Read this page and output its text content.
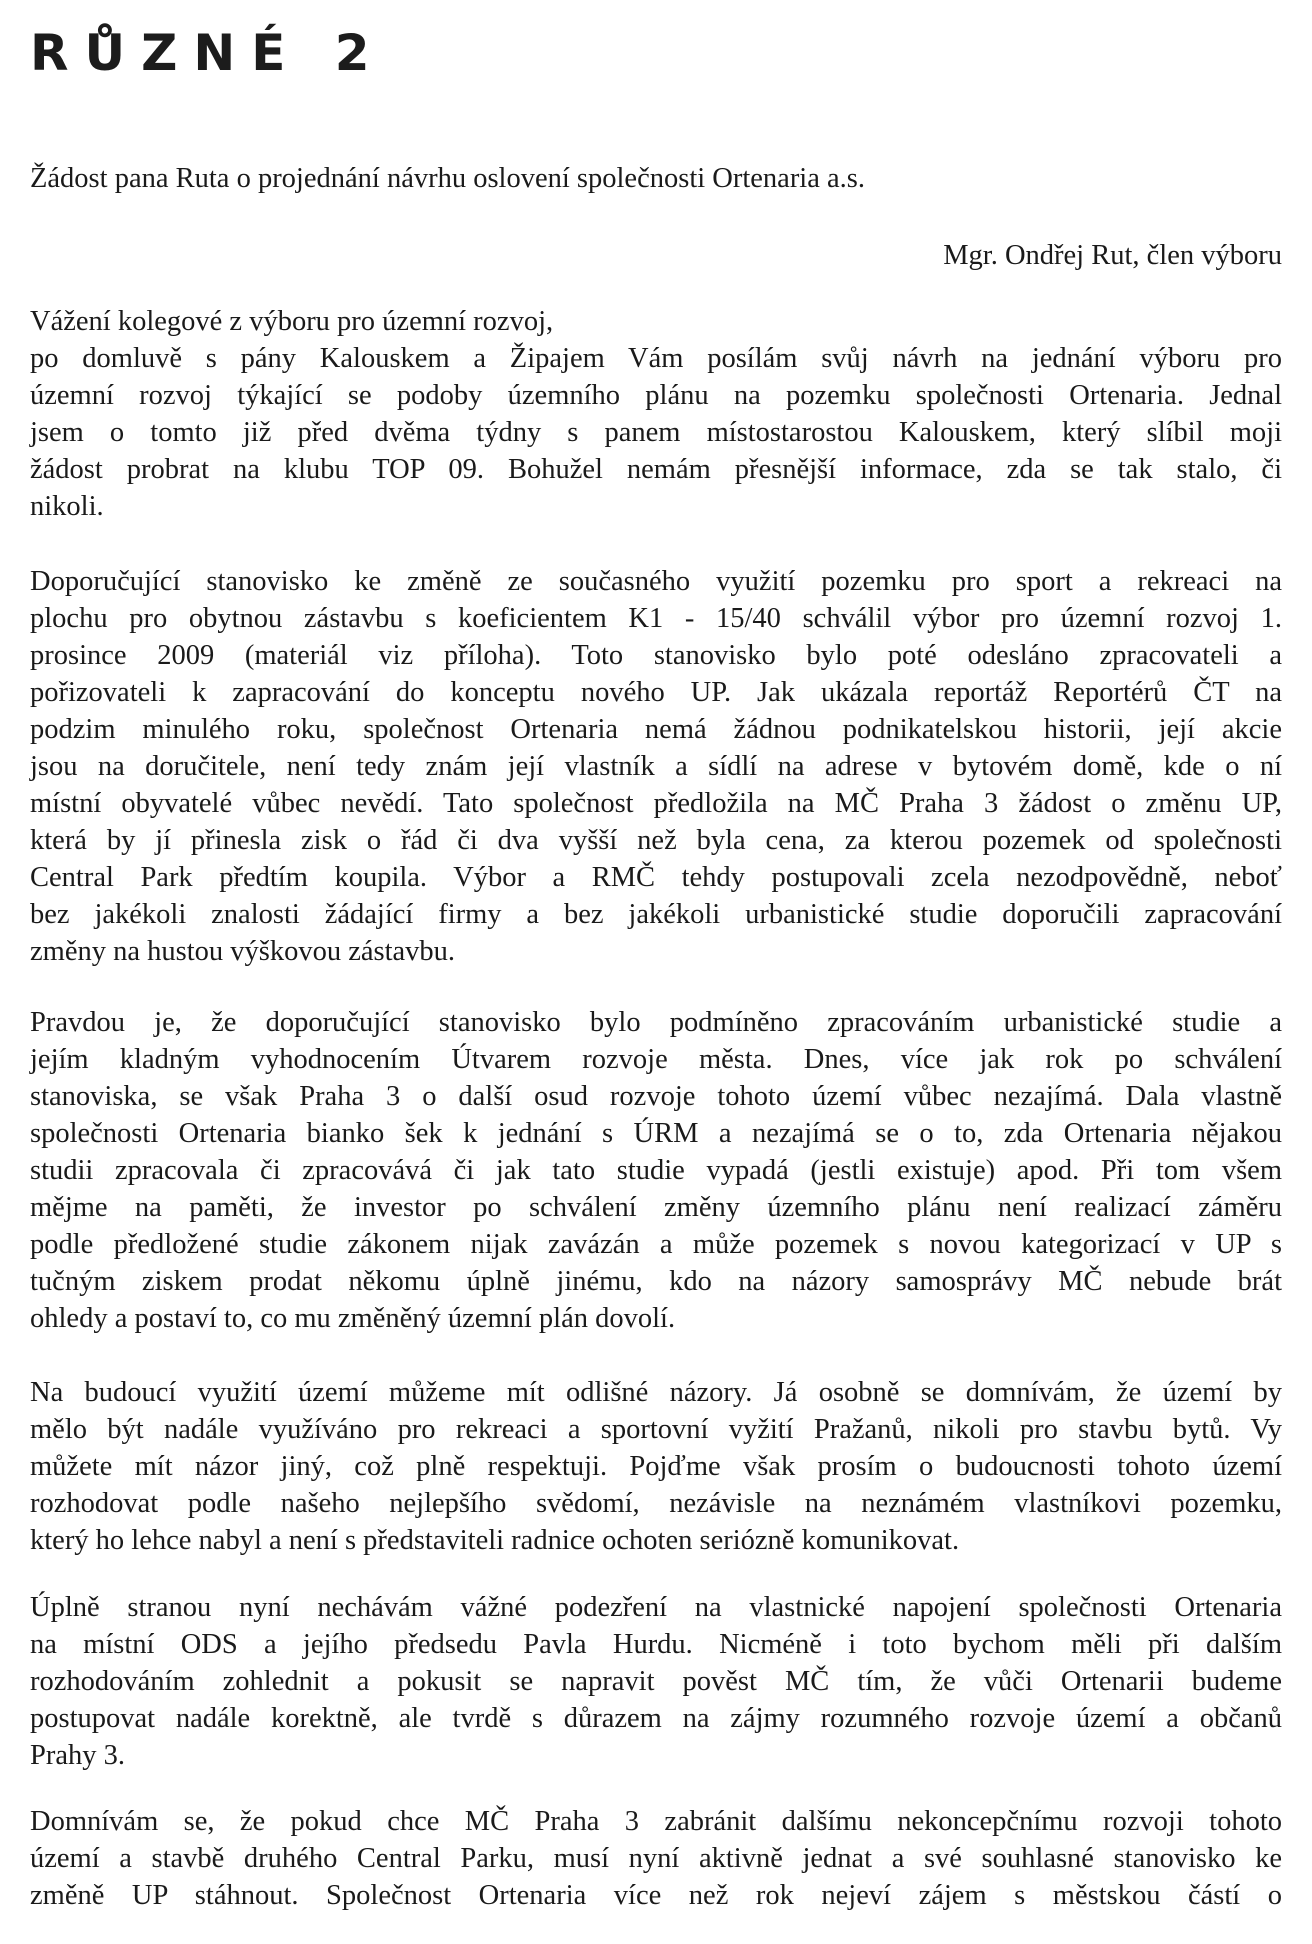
RŮZNÉ 2
Žádost pana Ruta o projednání návrhu oslovení společnosti Ortenaria a.s.
Mgr. Ondřej Rut, člen výboru
Vážení kolegové z výboru pro územní rozvoj,
po domluvě s pány Kalouskem a Žipajem Vám posílám svůj návrh na jednání výboru pro
územní rozvoj týkající se podoby územního plánu na pozemku společnosti Ortenaria. Jednal
jsem o tomto již před dvěma týdny s panem místostarostou Kalouskem, který slíbil moji
žádost probrat na klubu TOP 09. Bohužel nemám přesnější informace, zda se tak stalo, či
nikoli.
Doporučující stanovisko ke změně ze současného využití pozemku pro sport a rekreaci na
plochu pro obytnou zástavbu s koeficientem K1 - 15/40 schválil výbor pro územní rozvoj 1.
prosince 2009 (materiál viz příloha). Toto stanovisko bylo poté odesláno zpracovateli a
pořizovateli k zapracování do konceptu nového UP. Jak ukázala reportáž Reportérů ČT na
podzim minulého roku, společnost Ortenaria nemá žádnou podnikatelskou historii, její akcie
jsou na doručitele, není tedy znám její vlastník a sídlí na adrese v bytovém domě, kde o ní
místní obyvatelé vůbec nevědí. Tato společnost předložila na MČ Praha 3 žádost o změnu UP,
která by jí přinesla zisk o řád či dva vyšší než byla cena, za kterou pozemek od společnosti
Central Park předtím koupila. Výbor a RMČ tehdy postupovali zcela nezodpovědně, neboť
bez jakékoli znalosti žádající firmy a bez jakékoli urbanistické studie doporučili zapracování
změny na hustou výškovou zástavbu.
Pravdou je, že doporučující stanovisko bylo podmíněno zpracováním urbanistické studie a
jejím kladným vyhodnocením Útvarem rozvoje města. Dnes, více jak rok po schválení
stanoviska, se však Praha 3 o další osud rozvoje tohoto území vůbec nezajímá. Dala vlastně
společnosti Ortenaria bianko šek k jednání s ÚRM a nezajímá se o to, zda Ortenaria nějakou
studii zpracovala či zpracovává či jak tato studie vypadá (jestli existuje) apod. Při tom všem
mějme na paměti, že investor po schválení změny územního plánu není realizací záměru
podle předložené studie zákonem nijak zavázán a může pozemek s novou kategorizací v UP s
tučným ziskem prodat někomu úplně jinému, kdo na názory samosprávy MČ nebude brát
ohledy a postaví to, co mu změněný územní plán dovolí.
Na budoucí využití území můžeme mít odlišné názory. Já osobně se domnívám, že území by
mělo být nadále využíváno pro rekreaci a sportovní vyžití Pražanů, nikoli pro stavbu bytů. Vy
můžete mít názor jiný, což plně respektuji. Pojďme však prosím o budoucnosti tohoto území
rozhodovat podle našeho nejlepšího svědomí, nezávisle na neznámém vlastníkovi pozemku,
který ho lehce nabyl a není s představiteli radnice ochoten seriózně komunikovat.
Úplně stranou nyní nechávám vážné podezření na vlastnické napojení společnosti Ortenaria
na místní ODS a jejího předsedu Pavla Hurdu. Nicméně i toto bychom měli při dalším
rozhodováním zohlednit a pokusit se napravit pověst MČ tím, že vůči Ortenarii budeme
postupovat nadále korektně, ale tvrdě s důrazem na zájmy rozumného rozvoje území a občanů
Prahy 3.
Domnívám se, že pokud chce MČ Praha 3 zabránit dalšímu nekoncepčnímu rozvoji tohoto
území a stavbě druhého Central Parku, musí nyní aktivně jednat a své souhlasné stanovisko ke
změně UP stáhnout. Společnost Ortenaria více než rok nejeví zájem s městskou částí o
